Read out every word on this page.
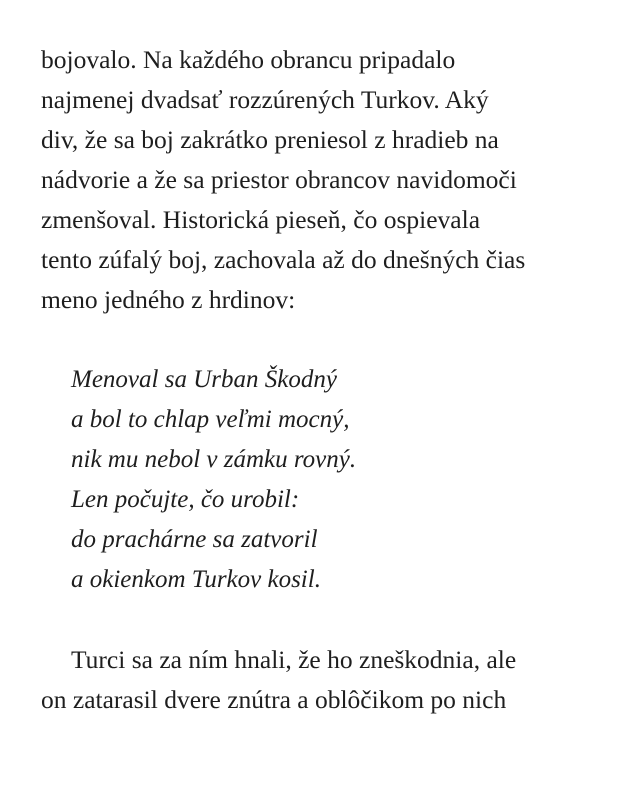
bojovalo. Na každého obrancu pripadalo
najmenej dvadsať rozzúrených Turkov. Aký
div, že sa boj zakrátko preniesol z hradieb na
nádvorie a že sa priestor obrancov navidomoči
zmenšoval. Historická pieseň, čo ospievala
tento zúfalý boj, zachovala až do dnešných čias
meno jedného z hrdinov:
Menoval sa Urban Škodný
a bol to chlap veľmi mocný,
nik mu nebol v zámku rovný.
Len počujte, čo urobil:
do prachárne sa zatvoril
a okienkom Turkov kosil.
Turci sa za ním hnali, že ho zneškodnia, ale
on zatarasil dvere znútra a oblôčikom po nich
